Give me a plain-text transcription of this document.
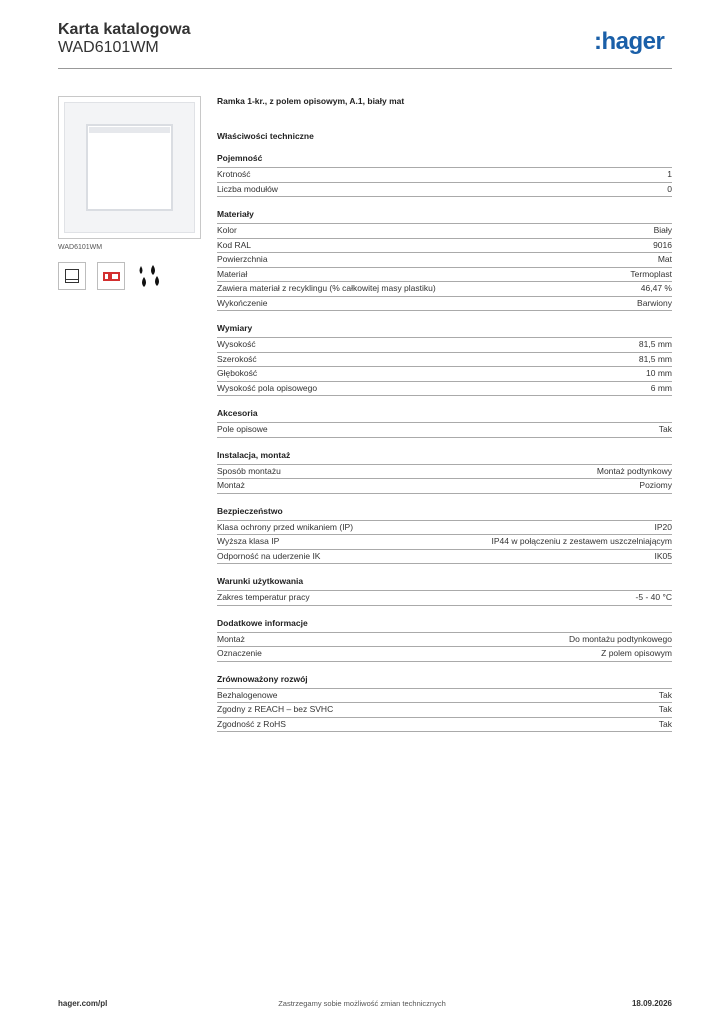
Karta katalogowa
WAD6101WM	:hager
WAD6101WM
Ramka 1-kr., z polem opisowym, A.1, biały mat
Właściwości techniczne
Pojemność
Krotność	1
Liczba modułów	0
Materiały
Kolor	Biały
Kod RAL	9016
Powierzchnia	Mat
Materiał	Termoplast
Zawiera materiał z recyklingu (% całkowitej masy plastiku)	46,47 %
Wykończenie	Barwiony
Wymiary
Wysokość	81,5 mm
Szerokość	81,5 mm
Głębokość	10 mm
Wysokość pola opisowego	6 mm
Akcesoria
Pole opisowe	Tak
Instalacja, montaż
Sposób montażu	Montaż podtynkowy
Montaż	Poziomy
Bezpieczeństwo
Klasa ochrony przed wnikaniem (IP)	IP20
Wyższa klasa IP	IP44 w połączeniu z zestawem uszczelniającym
Odporność na uderzenie IK	IK05
Warunki użytkowania
Zakres temperatur pracy	-5 - 40 °C
Dodatkowe informacje
Montaż	Do montażu podtynkowego
Oznaczenie	Z polem opisowym
Zrównoważony rozwój
Bezhalogenowe	Tak
Zgodny z REACH – bez SVHC	Tak
Zgodność z RoHS	Tak
hager.com/pl	Zastrzegamy sobie możliwość zmian technicznych	18.09.2026
